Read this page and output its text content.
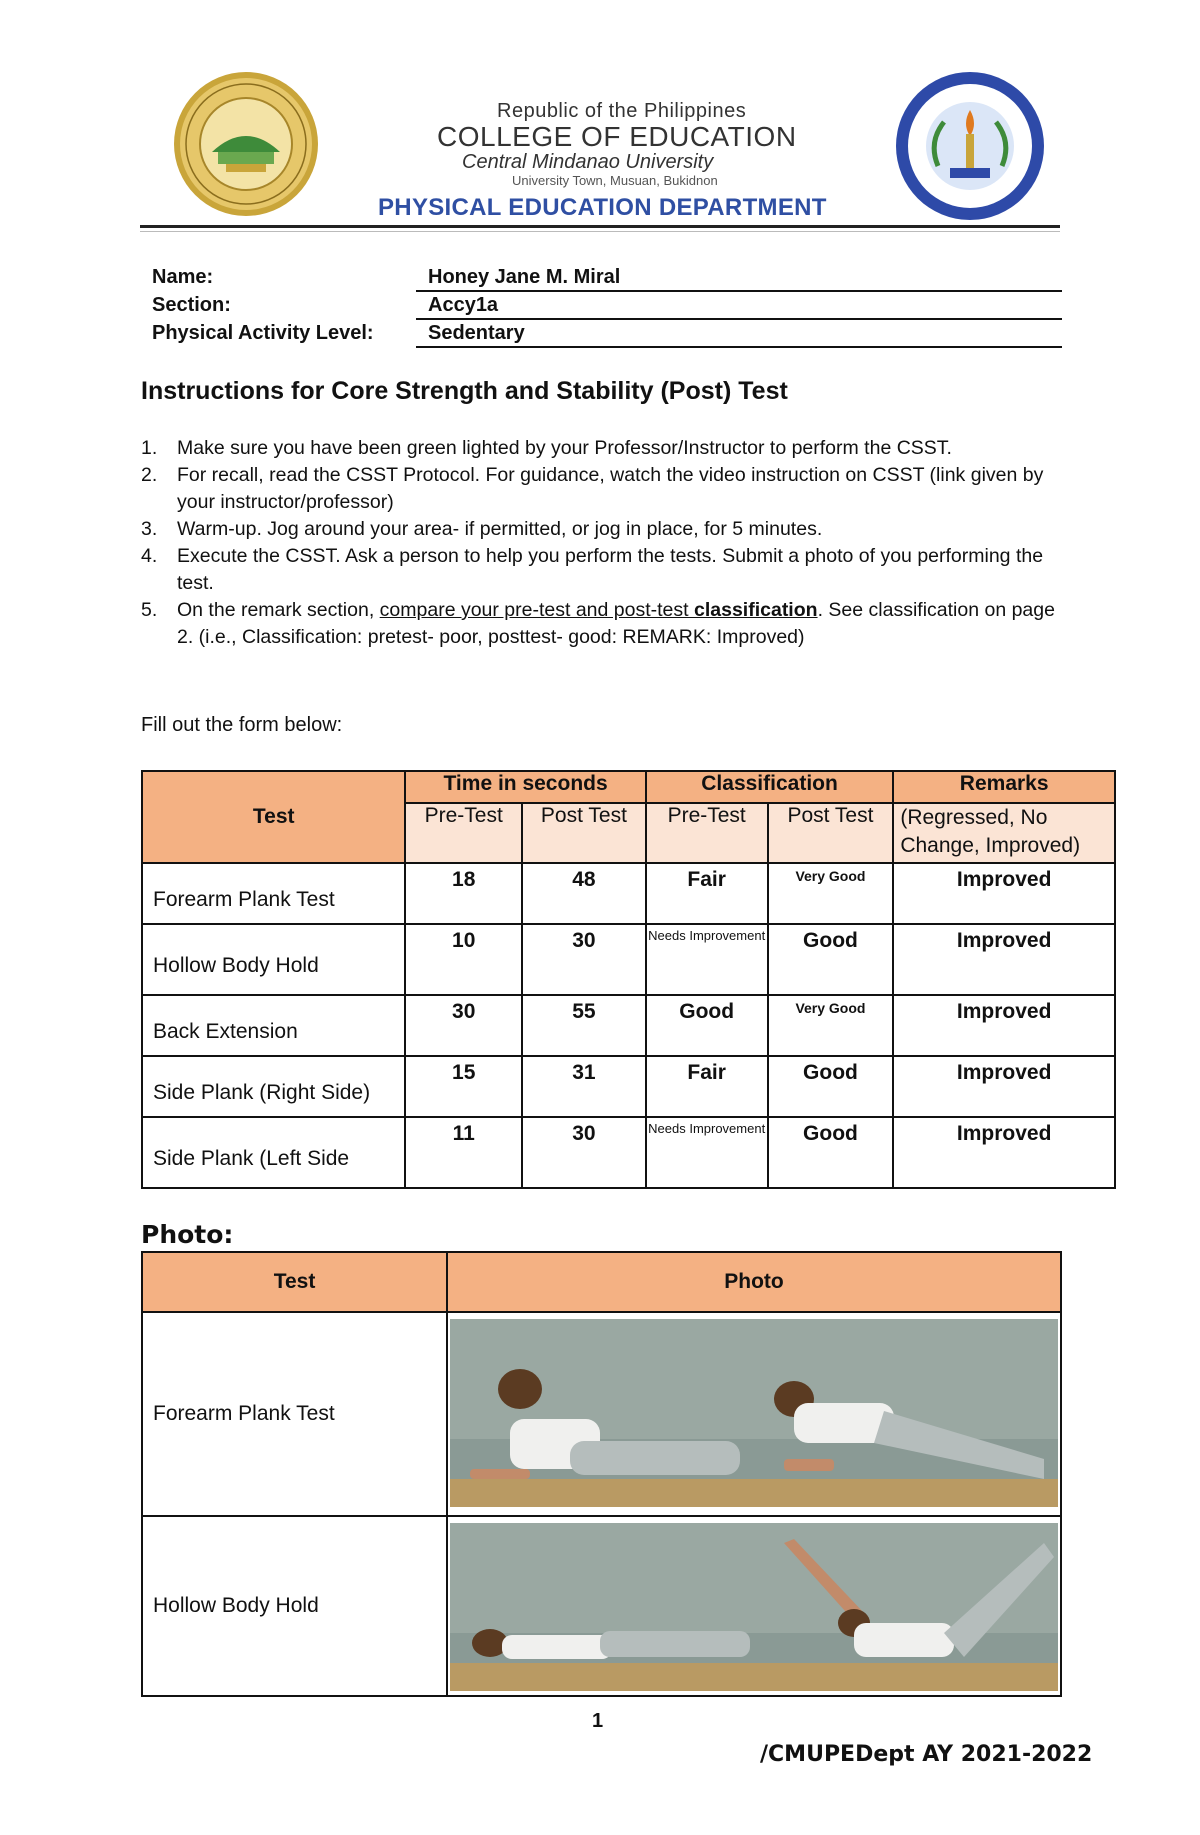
Republic of the Philippines
COLLEGE OF EDUCATION
Central Mindanao University
University Town, Musuan, Bukidnon
PHYSICAL EDUCATION DEPARTMENT
Name:	Honey Jane M. Miral
Section:	Accy1a
Physical Activity Level:	Sedentary
Instructions for Core Strength and Stability (Post) Test
1. Make sure you have been green lighted by your Professor/Instructor to perform the CSST.
2. For recall, read the CSST Protocol. For guidance, watch the video instruction on CSST (link given by your instructor/professor)
3. Warm-up. Jog around your area- if permitted, or jog in place, for 5 minutes.
4. Execute the CSST. Ask a person to help you perform the tests. Submit a photo of you performing the test.
5. On the remark section, compare your pre-test and post-test classification. See classification on page 2. (i.e., Classification: pretest- poor, posttest- good: REMARK: Improved)
Fill out the form below:
Test	Time in seconds		Classification		Remarks
	Pre-Test	Post Test	Pre-Test	Post Test	(Regressed, No Change, Improved)
Forearm Plank Test	18	48	Fair	Very Good	Improved
Hollow Body Hold	10	30	Needs Improvement	Good	Improved
Back Extension	30	55	Good	Very Good	Improved
Side Plank (Right Side)	15	31	Fair	Good	Improved
Side Plank (Left Side	11	30	Needs Improvement	Good	Improved
Photo:
Test	Photo
Forearm Plank Test	

Hollow Body Hold	
1
/CMUPEDept AY 2021-2022
